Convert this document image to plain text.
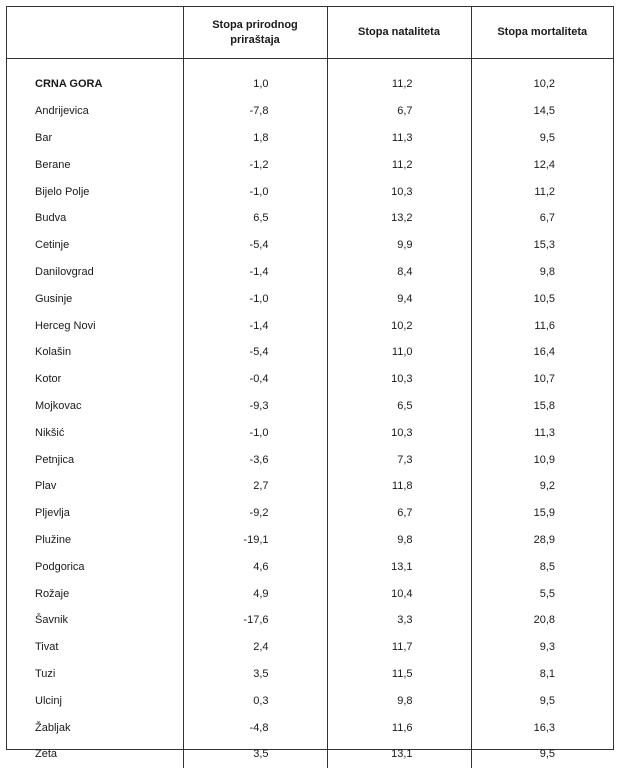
	Stopa prirodnog priraštaja	Stopa nataliteta	Stopa mortaliteta
CRNA GORA	1,0	11,2	10,2
Andrijevica	-7,8	6,7	14,5
Bar	1,8	11,3	9,5
Berane	-1,2	11,2	12,4
Bijelo Polje	-1,0	10,3	11,2
Budva	6,5	13,2	6,7
Cetinje	-5,4	9,9	15,3
Danilovgrad	-1,4	8,4	9,8
Gusinje	-1,0	9,4	10,5
Herceg Novi	-1,4	10,2	11,6
Kolašin	-5,4	11,0	16,4
Kotor	-0,4	10,3	10,7
Mojkovac	-9,3	6,5	15,8
Nikšić	-1,0	10,3	11,3
Petnjica	-3,6	7,3	10,9
Plav	2,7	11,8	9,2
Pljevlja	-9,2	6,7	15,9
Plužine	-19,1	9,8	28,9
Podgorica	4,6	13,1	8,5
Rožaje	4,9	10,4	5,5
Šavnik	-17,6	3,3	20,8
Tivat	2,4	11,7	9,3
Tuzi	3,5	11,5	8,1
Ulcinj	0,3	9,8	9,5
Žabljak	-4,8	11,6	16,3
Zeta	3,5	13,1	9,5
